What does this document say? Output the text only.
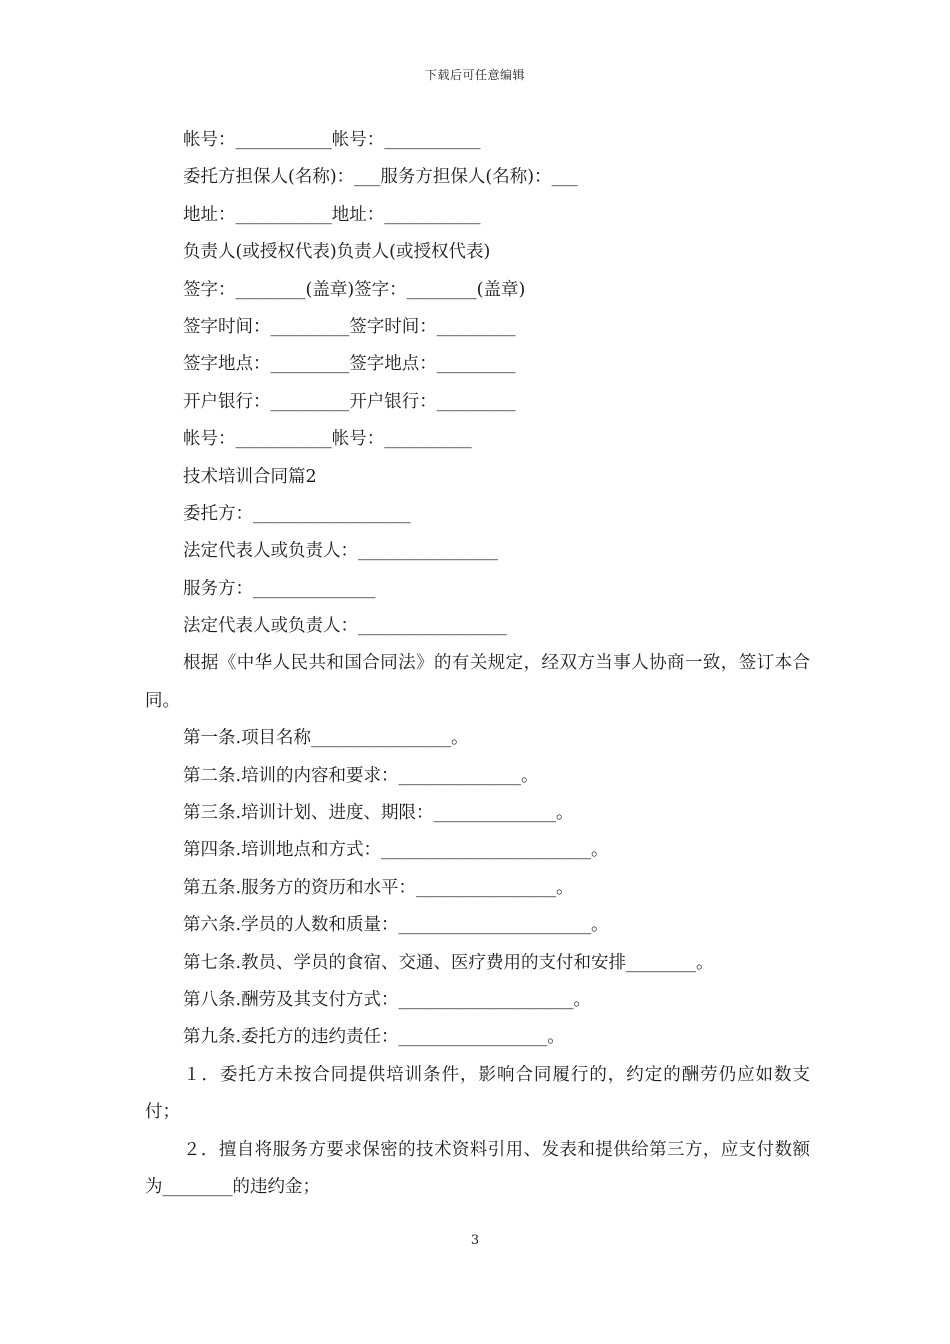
下载后可任意编辑
帐号：___________帐号：___________
委托方担保人(名称)：___服务方担保人(名称)：___
地址：___________地址：___________
负责人(或授权代表)负责人(或授权代表)
签字：________(盖章)签字：________(盖章)
签字时间：_________签字时间：_________
签字地点：_________签字地点：_________
开户银行：_________开户银行：_________
帐号：___________帐号：__________
技术培训合同篇2
委托方：__________________
法定代表人或负责人：________________
服务方：______________
法定代表人或负责人：_________________
根据《中华人民共和国合同法》的有关规定，经双方当事人协商一致，签订本合同。
第一条.项目名称________________。
第二条.培训的内容和要求：______________。
第三条.培训计划、进度、期限：______________。
第四条.培训地点和方式：________________________。
第五条.服务方的资历和水平：________________。
第六条.学员的人数和质量：______________________。
第七条.教员、学员的食宿、交通、医疗费用的支付和安排________。
第八条.酬劳及其支付方式：____________________。
第九条.委托方的违约责任：_________________。
１．委托方未按合同提供培训条件，影响合同履行的，约定的酬劳仍应如数支付；
２．擅自将服务方要求保密的技术资料引用、发表和提供给第三方，应支付数额为________的违约金；
3
